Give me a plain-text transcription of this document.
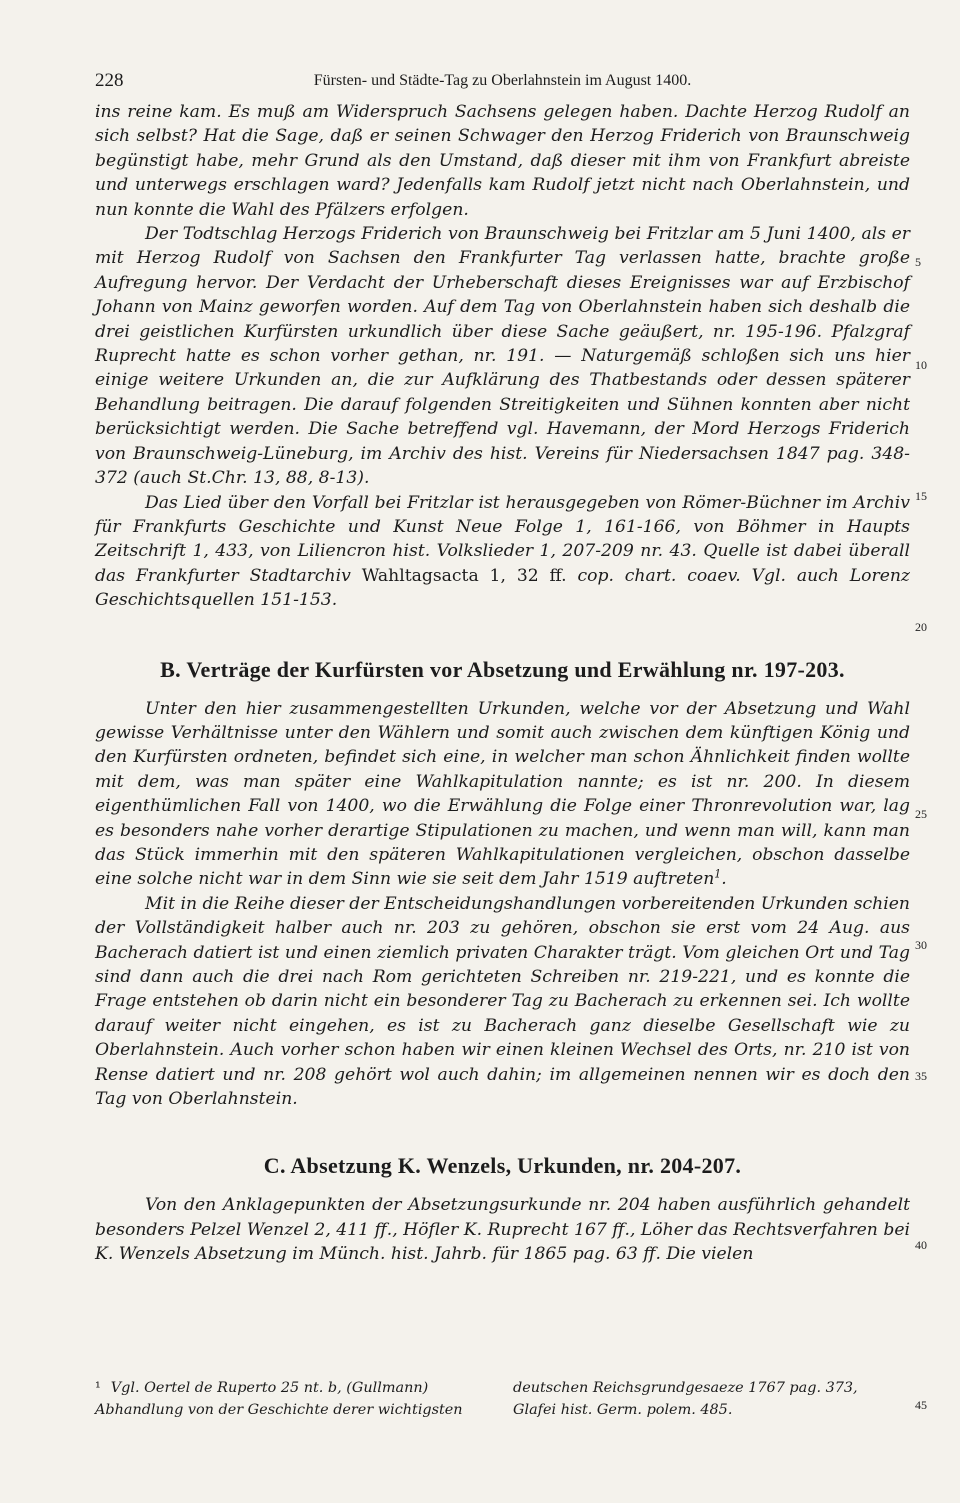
228	Fürsten- und Städte-Tag zu Oberlahnstein im August 1400.

ins reine kam. Es muß am Widerspruch Sachsens gelegen haben. Dachte Herzog Rudolf an sich selbst? Hat die Sage, daß er seinen Schwager den Herzog Friderich von Braunschweig begünstigt habe, mehr Grund als den Umstand, daß dieser mit ihm von Frankfurt abreiste und unterwegs erschlagen ward? Jedenfalls kam Rudolf jetzt nicht nach Oberlahnstein, und nun konnte die Wahl des Pfälzers erfolgen.

Der Todtschlag Herzogs Friderich von Braunschweig bei Fritzlar am 5 Juni 1400, als er mit Herzog Rudolf von Sachsen den Frankfurter Tag verlassen hatte, brachte große Aufregung hervor. Der Verdacht der Urheberschaft dieses Ereignisses war auf Erzbischof Johann von Mainz geworfen worden. Auf dem Tag von Oberlahnstein haben sich deshalb die drei geistlichen Kurfürsten urkundlich über diese Sache geäußert, nr. 195-196. Pfalzgraf Ruprecht hatte es schon vorher gethan, nr. 191. — Naturgemäß schloßen sich uns hier einige weitere Urkunden an, die zur Aufklärung des Thatbestands oder dessen späterer Behandlung beitragen. Die darauf folgenden Streitigkeiten und Sühnen konnten aber nicht berücksichtigt werden. Die Sache betreffend vgl. Havemann, der Mord Herzogs Friderich von Braunschweig-Lüneburg, im Archiv des hist. Vereins für Niedersachsen 1847 pag. 348-372 (auch St.Chr. 13, 88, 8-13).

Das Lied über den Vorfall bei Fritzlar ist herausgegeben von Römer-Büchner im Archiv für Frankfurts Geschichte und Kunst Neue Folge 1, 161-166, von Böhmer in Haupts Zeitschrift 1, 433, von Liliencron hist. Volkslieder 1, 207-209 nr. 43. Quelle ist dabei überall das Frankfurter Stadtarchiv Wahltagsacta 1, 32 ff. cop. chart. coaev. Vgl. auch Lorenz Geschichtsquellen 151-153.

B. Verträge der Kurfürsten vor Absetzung und Erwählung nr. 197-203.

Unter den hier zusammengestellten Urkunden, welche vor der Absetzung und Wahl gewisse Verhältnisse unter den Wählern und somit auch zwischen dem künftigen König und den Kurfürsten ordneten, befindet sich eine, in welcher man schon Ähnlichkeit finden wollte mit dem, was man später eine Wahlkapitulation nannte; es ist nr. 200. In diesem eigenthümlichen Fall von 1400, wo die Erwählung die Folge einer Thronrevolution war, lag es besonders nahe vorher derartige Stipulationen zu machen, und wenn man will, kann man das Stück immerhin mit den späteren Wahlkapitulationen vergleichen, obschon dasselbe eine solche nicht war in dem Sinn wie sie seit dem Jahr 1519 auftreten$^1$.

Mit in die Reihe dieser der Entscheidungshandlungen vorbereitenden Urkunden schien der Vollständigkeit halber auch nr. 203 zu gehören, obschon sie erst vom 24 Aug. aus Bacherach datiert ist und einen ziemlich privaten Charakter trägt. Vom gleichen Ort und Tag sind dann auch die drei nach Rom gerichteten Schreiben nr. 219-221, und es konnte die Frage entstehen ob darin nicht ein besonderer Tag zu Bacherach zu erkennen sei. Ich wollte darauf weiter nicht eingehen, es ist zu Bacherach ganz dieselbe Gesellschaft wie zu Oberlahnstein. Auch vorher schon haben wir einen kleinen Wechsel des Orts, nr. 210 ist von Rense datiert und nr. 208 gehört wol auch dahin; im allgemeinen nennen wir es doch den Tag von Oberlahnstein.

C. Absetzung K. Wenzels, Urkunden, nr. 204-207.

Von den Anklagepunkten der Absetzungsurkunde nr. 204 haben ausführlich gehandelt besonders Pelzel Wenzel 2, 411 ff., Höfler K. Ruprecht 167 ff., Löher das Rechtsverfahren bei K. Wenzels Absetzung im Münch. hist. Jahrb. für 1865 pag. 63 ff. Die vielen

¹ Vgl. Oertel de Ruperto 25 nt. b, (Gullmann) Abhandlung von der Geschichte derer wichtigsten
deutschen Reichsgrundgesaeze 1767 pag. 373, Glafei hist. Germ. polem. 485.
5
10
15
20
25
30
35
40
45
